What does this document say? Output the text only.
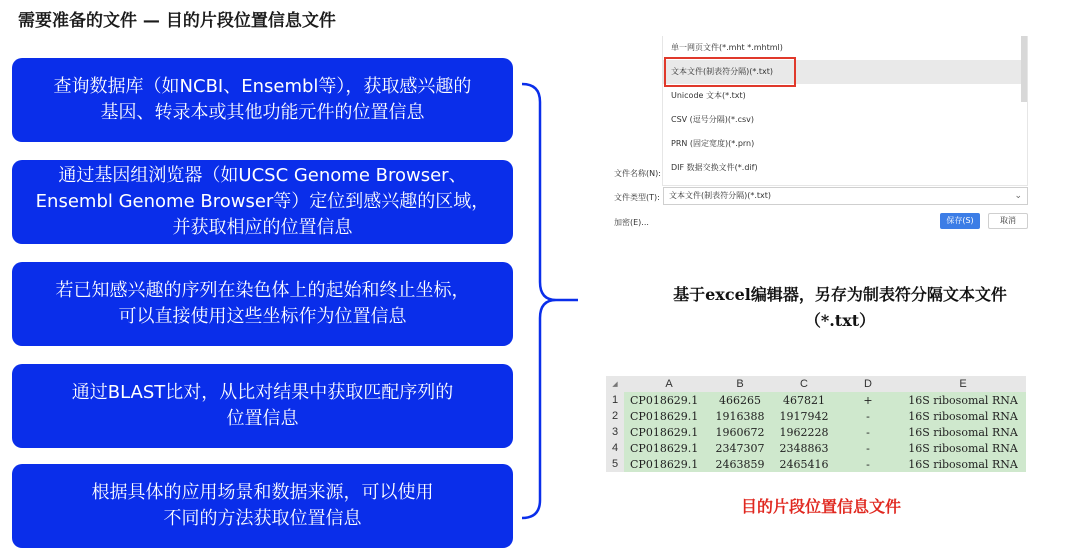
需要准备的文件 — 目的片段位置信息文件
查询数据库（如NCBI、Ensembl等），获取感兴趣的
基因、转录本或其他功能元件的位置信息
通过基因组浏览器（如UCSC Genome Browser、
Ensembl Genome Browser等）定位到感兴趣的区域，
并获取相应的位置信息
若已知感兴趣的序列在染色体上的起始和终止坐标，
可以直接使用这些坐标作为位置信息
通过BLAST比对，从比对结果中获取匹配序列的
位置信息
根据具体的应用场景和数据来源，可以使用
不同的方法获取位置信息
单一网页文件(*.mht *.mhtml)
文本文件(制表符分隔)(*.txt)
Unicode 文本(*.txt)
CSV (逗号分隔)(*.csv)
PRN (固定宽度)(*.prn)
DIF 数据交换文件(*.dif)
文件名称(N):
文件类型(T):	文本文件(制表符分隔)(*.txt)	⌄
加密(E)...	保存(S)	取消
基于excel编辑器，另存为制表符分隔文本文件
（*.txt）
◢	A	B	C	D	E
1	CP018629.1	466265	467821	+	16S ribosomal RNA
2	CP018629.1	1916388	1917942	-	16S ribosomal RNA
3	CP018629.1	1960672	1962228	-	16S ribosomal RNA
4	CP018629.1	2347307	2348863	-	16S ribosomal RNA
5	CP018629.1	2463859	2465416	-	16S ribosomal RNA
目的片段位置信息文件
